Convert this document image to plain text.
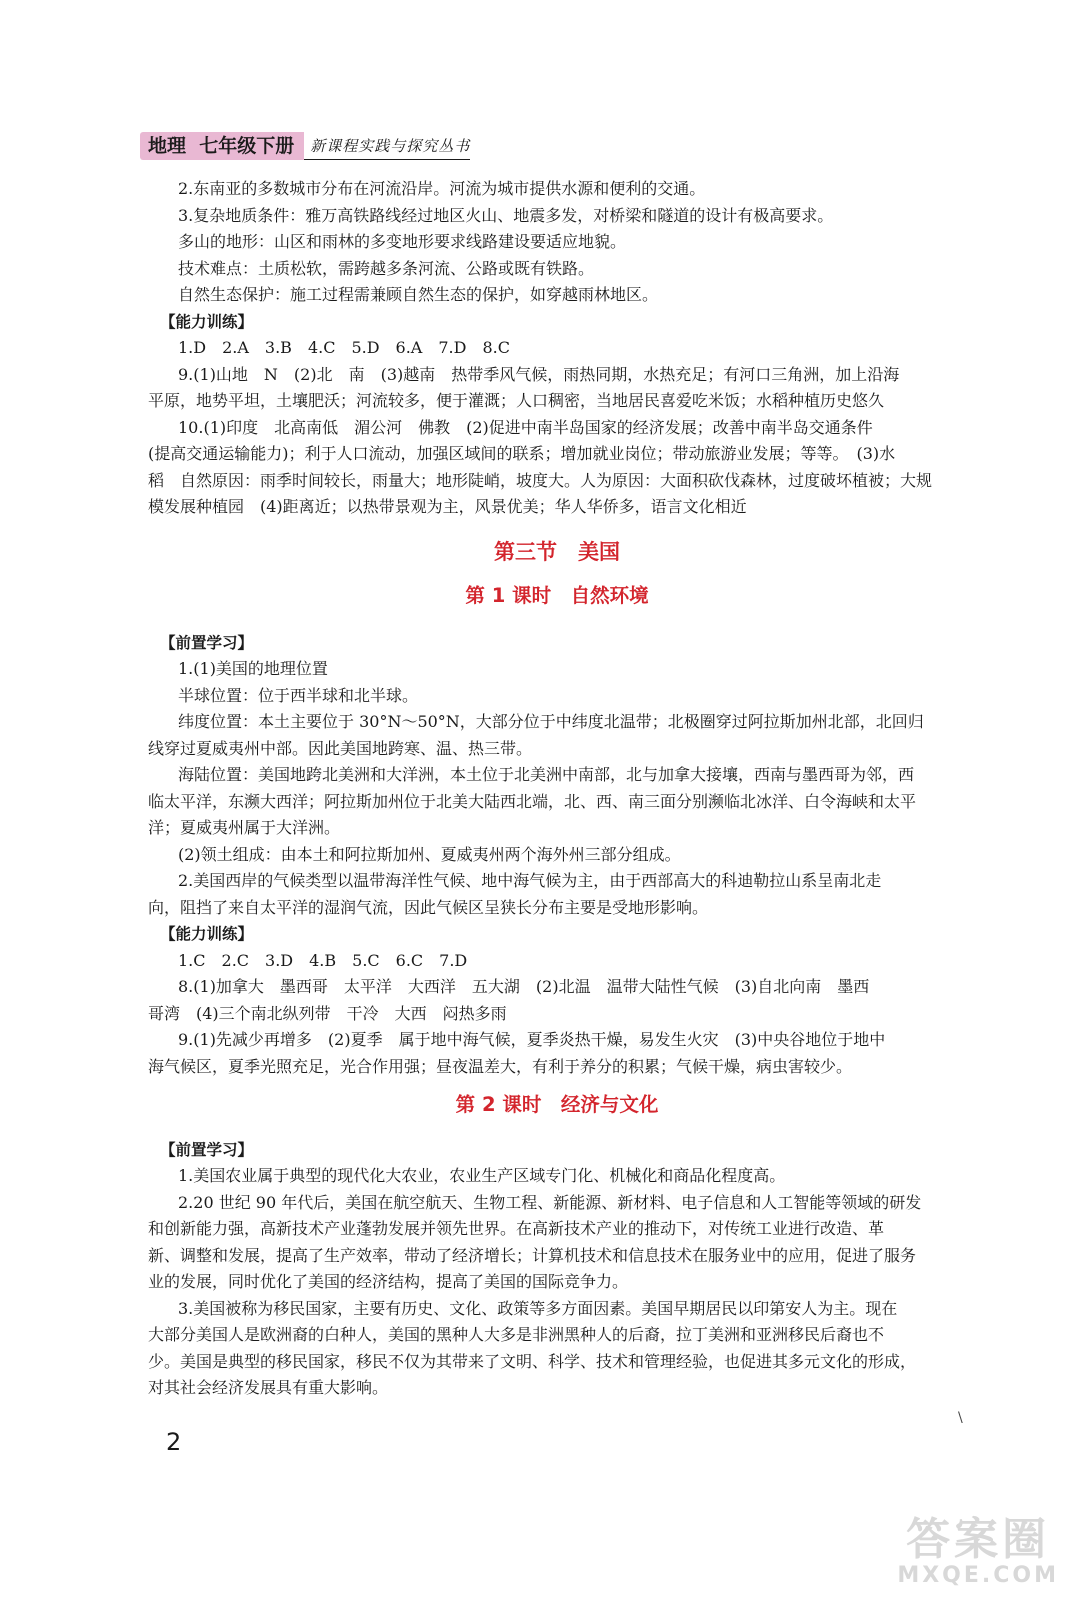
地理 七年级下册	新课程实践与探究丛书

2.东南亚的多数城市分布在河流沿岸。河流为城市提供水源和便利的交通。

3.复杂地质条件：雅万高铁路线经过地区火山、地震多发，对桥梁和隧道的设计有极高要求。

多山的地形：山区和雨林的多变地形要求线路建设要适应地貌。

技术难点：土质松软，需跨越多条河流、公路或既有铁路。

自然生态保护：施工过程需兼顾自然生态的保护，如穿越雨林地区。

【能力训练】

1.D　2.A　3.B　4.C　5.D　6.A　7.D　8.C

9.(1)山地　N　(2)北　南　(3)越南　热带季风气候，雨热同期，水热充足；有河口三角洲，加上沿海

平原，地势平坦，土壤肥沃；河流较多，便于灌溉；人口稠密，当地居民喜爱吃米饭；水稻种植历史悠久

10.(1)印度　北高南低　湄公河　佛教　(2)促进中南半岛国家的经济发展；改善中南半岛交通条件

(提高交通运输能力)；利于人口流动，加强区域间的联系；增加就业岗位；带动旅游业发展；等等。　(3)水

稻　自然原因：雨季时间较长，雨量大；地形陡峭，坡度大。人为原因：大面积砍伐森林，过度破坏植被；大规

模发展种植园　(4)距离近；以热带景观为主，风景优美；华人华侨多，语言文化相近

第三节　美国

第 1 课时　自然环境

【前置学习】

1.(1)美国的地理位置

半球位置：位于西半球和北半球。

纬度位置：本土主要位于 30°N～50°N，大部分位于中纬度北温带；北极圈穿过阿拉斯加州北部，北回归

线穿过夏威夷州中部。因此美国地跨寒、温、热三带。

海陆位置：美国地跨北美洲和大洋洲，本土位于北美洲中南部，北与加拿大接壤，西南与墨西哥为邻，西

临太平洋，东濒大西洋；阿拉斯加州位于北美大陆西北端，北、西、南三面分别濒临北冰洋、白令海峡和太平

洋；夏威夷州属于大洋洲。

(2)领土组成：由本土和阿拉斯加州、夏威夷州两个海外州三部分组成。

2.美国西岸的气候类型以温带海洋性气候、地中海气候为主，由于西部高大的科迪勒拉山系呈南北走

向，阻挡了来自太平洋的湿润气流，因此气候区呈狭长分布主要是受地形影响。

【能力训练】

1.C　2.C　3.D　4.B　5.C　6.C　7.D

8.(1)加拿大　墨西哥　太平洋　大西洋　五大湖　(2)北温　温带大陆性气候　(3)自北向南　墨西

哥湾　(4)三个南北纵列带　干冷　大西　闷热多雨

9.(1)先减少再增多　(2)夏季　属于地中海气候，夏季炎热干燥，易发生火灾　(3)中央谷地位于地中

海气候区，夏季光照充足，光合作用强；昼夜温差大，有利于养分的积累；气候干燥，病虫害较少。

第 2 课时　经济与文化

【前置学习】

1.美国农业属于典型的现代化大农业，农业生产区域专门化、机械化和商品化程度高。

2.20 世纪 90 年代后，美国在航空航天、生物工程、新能源、新材料、电子信息和人工智能等领域的研发

和创新能力强，高新技术产业蓬勃发展并领先世界。在高新技术产业的推动下，对传统工业进行改造、革

新、调整和发展，提高了生产效率，带动了经济增长；计算机技术和信息技术在服务业中的应用，促进了服务

业的发展，同时优化了美国的经济结构，提高了美国的国际竞争力。

3.美国被称为移民国家，主要有历史、文化、政策等多方面因素。美国早期居民以印第安人为主。现在

大部分美国人是欧洲裔的白种人，美国的黑种人大多是非洲黑种人的后裔，拉丁美洲和亚洲移民后裔也不

少。美国是典型的移民国家，移民不仅为其带来了文明、科学、技术和管理经验，也促进其多元文化的形成，

对其社会经济发展具有重大影响。

\
2
答案圈
MXQE.COM
